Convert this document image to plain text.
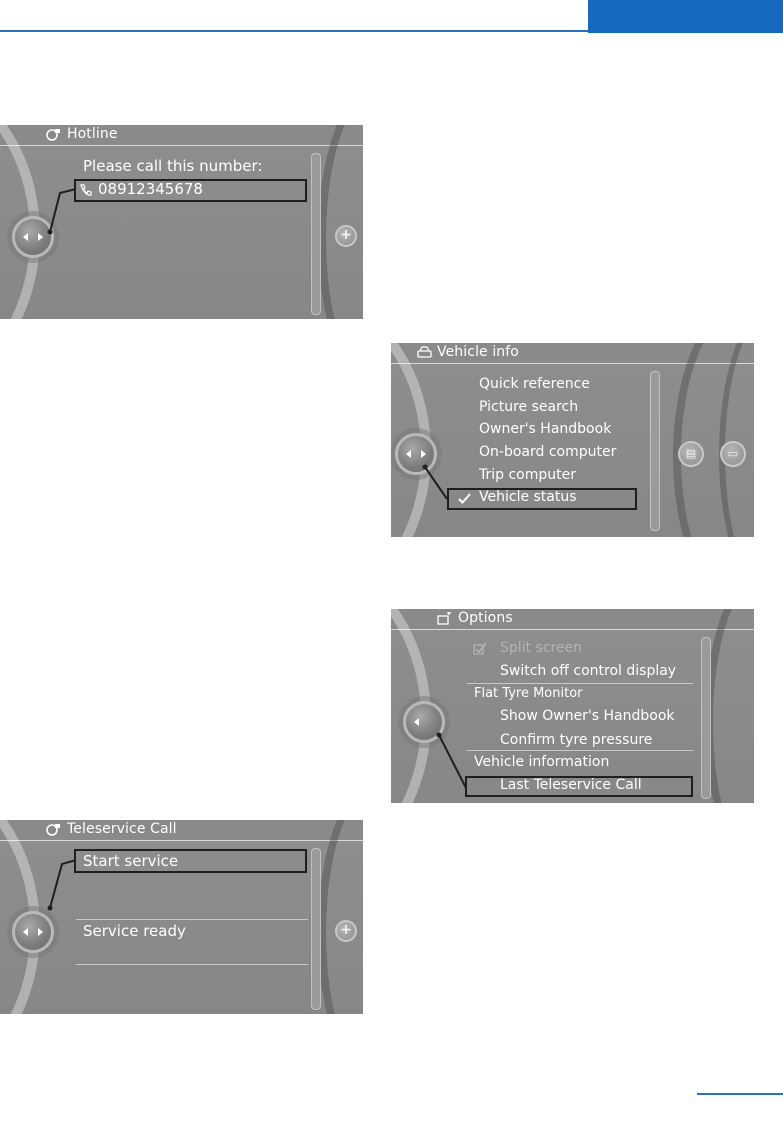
Hotline
Please call this number:
08912345678
+
Vehicle info
Quick reference
Picture search
Owner's Handbook
On-board computer
Trip computer
Vehicle status
▤	▭
Options
Split screen
Switch off control display
Flat Tyre Monitor
Show Owner's Handbook
Confirm tyre pressure
Vehicle information
Last Teleservice Call
Teleservice Call
Start service
Service ready	+
